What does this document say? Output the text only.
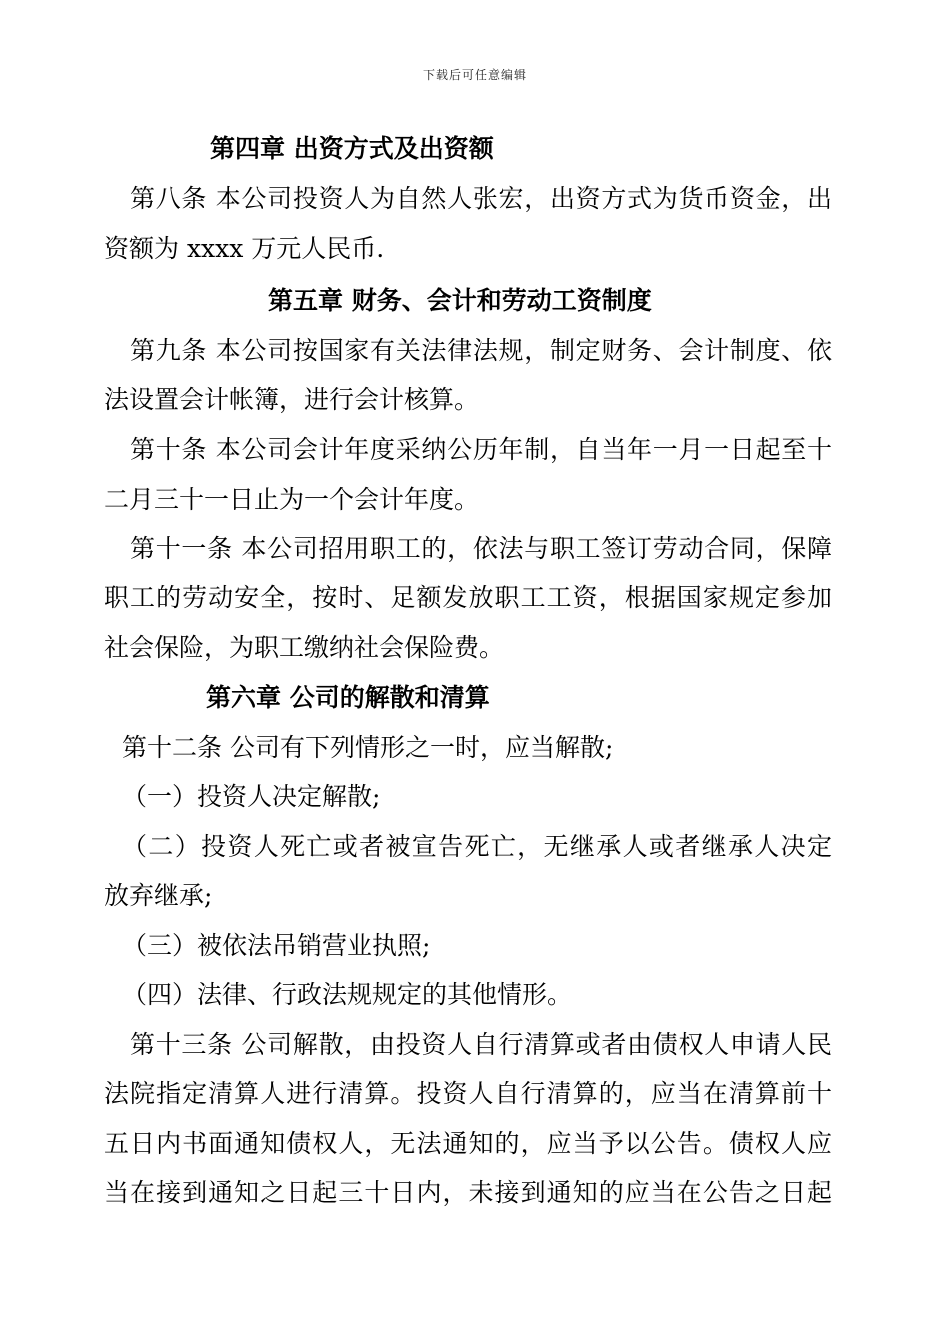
下载后可任意编辑
第四章 出资方式及出资额
第八条 本公司投资人为自然人张宏，出资方式为货币资金，出
资额为 xxxx 万元人民币.
第五章 财务、会计和劳动工资制度
第九条 本公司按国家有关法律法规，制定财务、会计制度、依
法设置会计帐簿，进行会计核算。
第十条 本公司会计年度采纳公历年制，自当年一月一日起至十
二月三十一日止为一个会计年度。
第十一条 本公司招用职工的，依法与职工签订劳动合同，保障
职工的劳动安全，按时、足额发放职工工资，根据国家规定参加
社会保险，为职工缴纳社会保险费。
第六章 公司的解散和清算
第十二条 公司有下列情形之一时，应当解散;
（一）投资人决定解散;
（二）投资人死亡或者被宣告死亡，无继承人或者继承人决定
放弃继承;
（三）被依法吊销营业执照;
（四）法律、行政法规规定的其他情形。
第十三条 公司解散，由投资人自行清算或者由债权人申请人民
法院指定清算人进行清算。投资人自行清算的，应当在清算前十
五日内书面通知债权人，无法通知的，应当予以公告。债权人应
当在接到通知之日起三十日内，未接到通知的应当在公告之日起
